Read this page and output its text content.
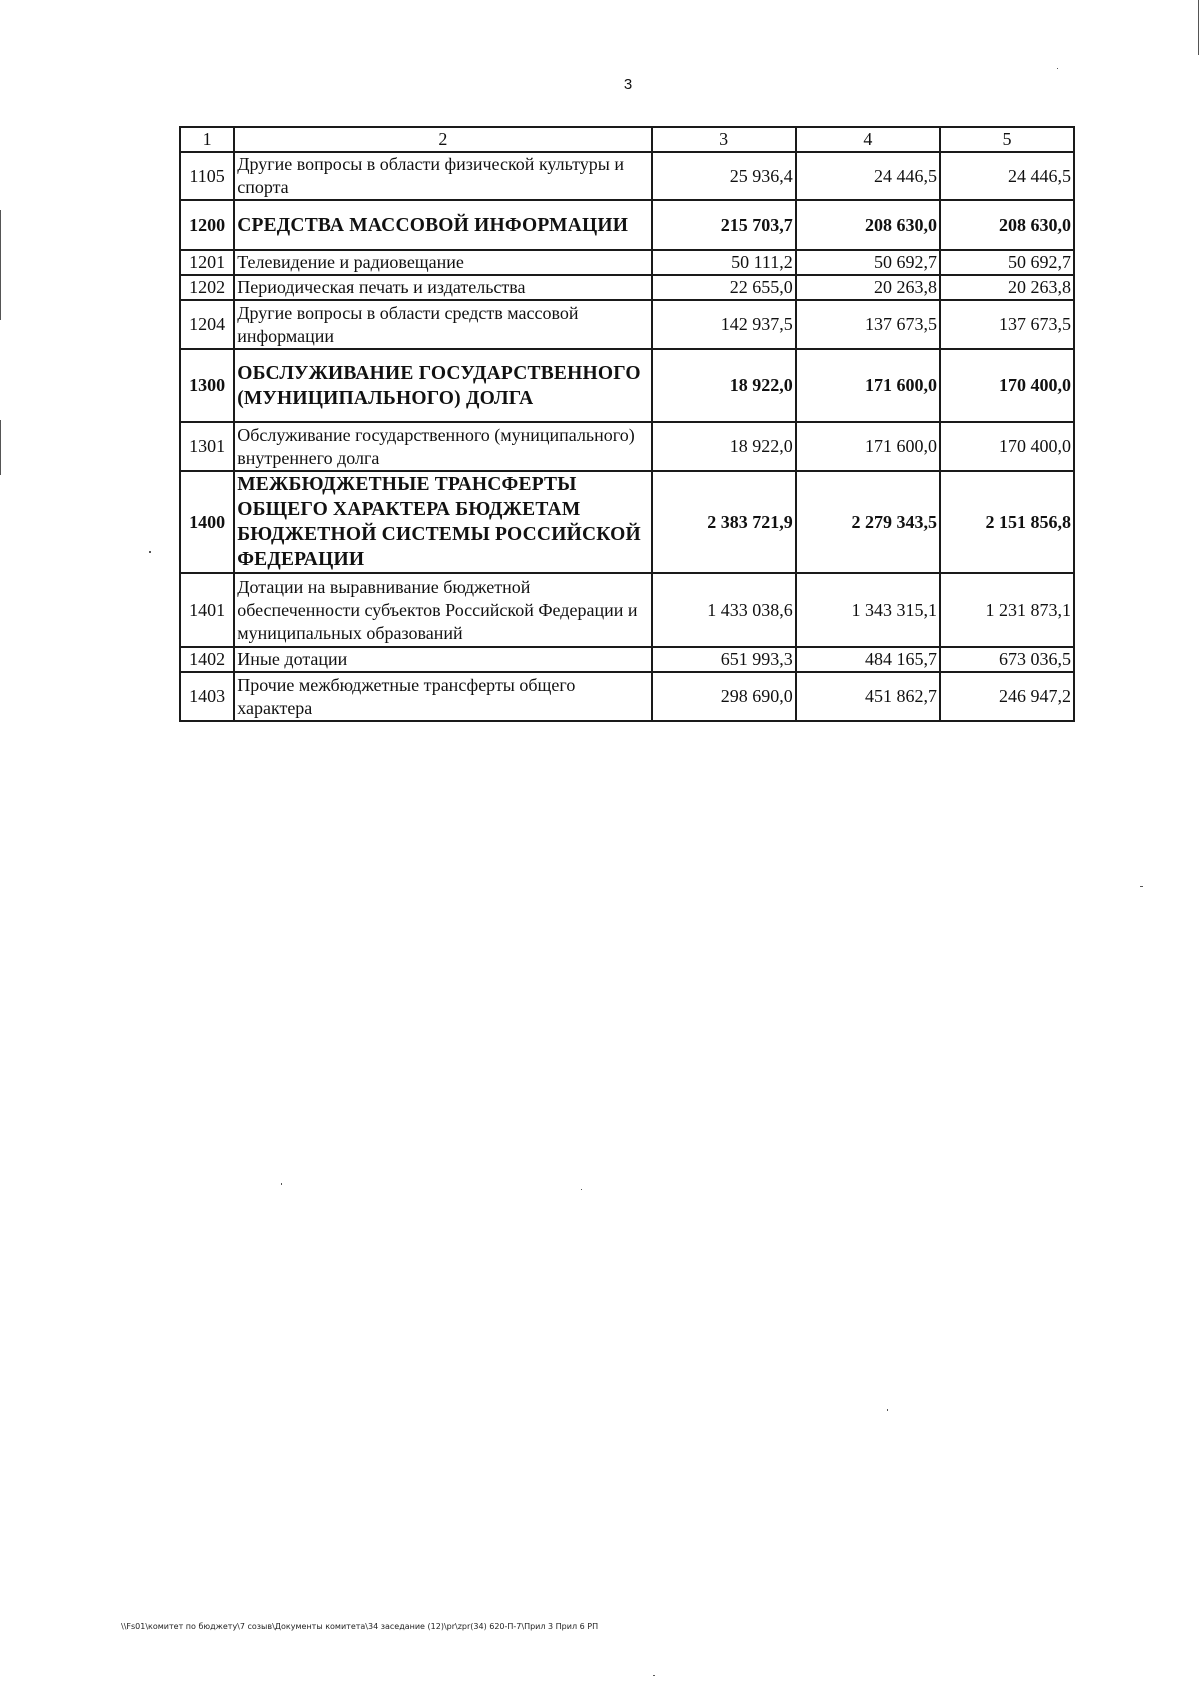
3
1	2	3	4	5
1105	Другие вопросы в области физической культуры и спорта	25 936,4	24 446,5	24 446,5
1200	СРЕДСТВА МАССОВОЙ ИНФОРМАЦИИ	215 703,7	208 630,0	208 630,0
1201	Телевидение и радиовещание	50 111,2	50 692,7	50 692,7
1202	Периодическая печать и издательства	22 655,0	20 263,8	20 263,8
1204	Другие вопросы в области средств массовой информации	142 937,5	137 673,5	137 673,5
1300	ОБСЛУЖИВАНИЕ ГОСУДАРСТВЕННОГО (МУНИЦИПАЛЬНОГО) ДОЛГА	18 922,0	171 600,0	170 400,0
1301	Обслуживание государственного (муниципального) внутреннего долга	18 922,0	171 600,0	170 400,0
1400	МЕЖБЮДЖЕТНЫЕ ТРАНСФЕРТЫ ОБЩЕГО ХАРАКТЕРА БЮДЖЕТАМ БЮДЖЕТНОЙ СИСТЕМЫ РОССИЙСКОЙ ФЕДЕРАЦИИ	2 383 721,9	2 279 343,5	2 151 856,8
1401	Дотации на выравнивание бюджетной обеспеченности субъектов Российской Федерации и муниципальных образований	1 433 038,6	1 343 315,1	1 231 873,1
1402	Иные дотации	651 993,3	484 165,7	673 036,5
1403	Прочие межбюджетные трансферты общего характера	298 690,0	451 862,7	246 947,2
\\Fs01\комитет по бюджету\7 созыв\Документы комитета\34 заседание (12)\pr\zpr(34) 620-П-7\Прил 3 Прил 6 РП
